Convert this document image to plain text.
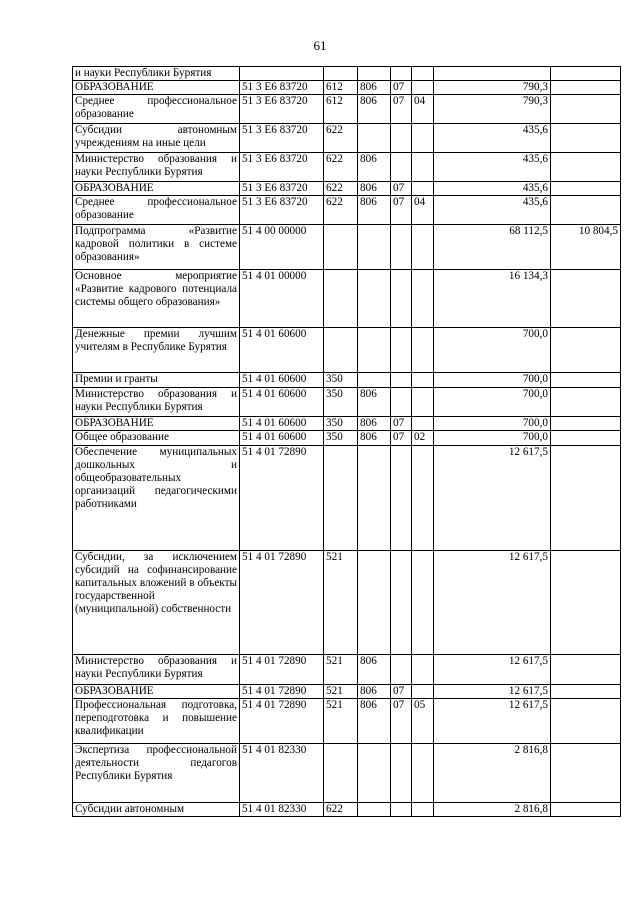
61
и науки Республики Бурятия							
ОБРАЗОВАНИЕ	51 3 Е6 83720	612	806	07		790,3	
Среднее профессиональное образование	51 3 Е6 83720	612	806	07	04	790,3	
Субсидии автономным учреждениям на иные цели	51 3 Е6 83720	622				435,6	
Министерство образования и науки Республики Бурятия	51 3 Е6 83720	622	806			435,6	
ОБРАЗОВАНИЕ	51 3 Е6 83720	622	806	07		435,6	
Среднее профессиональное образование	51 3 Е6 83720	622	806	07	04	435,6	
Подпрограмма «Развитие кадровой политики в системе образования»	51 4 00 00000					68 112,5	10 804,5
Основное мероприятие «Развитие кадрового потенциала системы общего образования»	51 4 01 00000					16 134,3	
Денежные премии лучшим учителям в Республике Бурятия	51 4 01 60600					700,0	
Премии и гранты	51 4 01 60600	350				700,0	
Министерство образования и науки Республики Бурятия	51 4 01 60600	350	806			700,0	
ОБРАЗОВАНИЕ	51 4 01 60600	350	806	07		700,0	
Общее образование	51 4 01 60600	350	806	07	02	700,0	
Обеспечение муниципальных дошкольных и общеобразовательных организаций педагогическими работниками	51 4 01 72890					12 617,5	
Субсидии, за исключением субсидий на софинансирование капитальных вложений в объекты государственной (муниципальной) собственности	51 4 01 72890	521				12 617,5	
Министерство образования и науки Республики Бурятия	51 4 01 72890	521	806			12 617,5	
ОБРАЗОВАНИЕ	51 4 01 72890	521	806	07		12 617,5	
Профессиональная подготовка, переподготовка и повышение квалификации	51 4 01 72890	521	806	07	05	12 617,5	
Экспертиза профессиональной деятельности педагогов Республики Бурятия	51 4 01 82330					2 816,8	
Субсидии автономным	51 4 01 82330	622				2 816,8	
